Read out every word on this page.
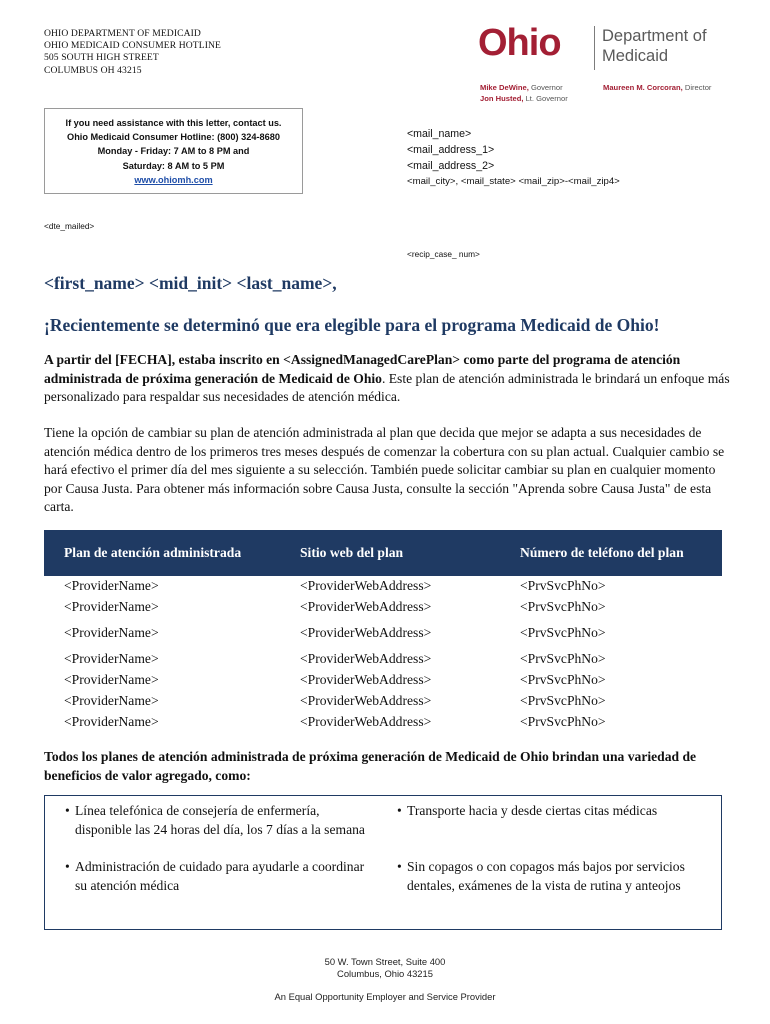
OHIO DEPARTMENT OF MEDICAID
OHIO MEDICAID CONSUMER HOTLINE
505 SOUTH HIGH STREET
COLUMBUS OH 43215
Ohio	Department of
Medicaid
Mike DeWine, Governor
Jon Husted, Lt. Governor
Maureen M. Corcoran, Director
If you need assistance with this letter, contact us.
Ohio Medicaid Consumer Hotline: (800) 324-8680
Monday - Friday: 7 AM to 8 PM and
Saturday: 8 AM to 5 PM
www.ohiomh.com
<mail_name>
<mail_address_1>
<mail_address_2>
<mail_city>, <mail_state> <mail_zip>-<mail_zip4>
<dte_mailed>
<recip_case_ num>
<first_name> <mid_init> <last_name>,
¡Recientemente se determinó que era elegible para el programa Medicaid de Ohio!
A partir del [FECHA], estaba inscrito en <AssignedManagedCarePlan> como parte del programa de atención administrada de próxima generación de Medicaid de Ohio. Este plan de atención administrada le brindará un enfoque más personalizado para respaldar sus necesidades de atención médica.
Tiene la opción de cambiar su plan de atención administrada al plan que decida que mejor se adapta a sus necesidades de atención médica dentro de los primeros tres meses después de comenzar la cobertura con su plan actual. Cualquier cambio se hará efectivo el primer día del mes siguiente a su selección. También puede solicitar cambiar su plan en cualquier momento por Causa Justa. Para obtener más información sobre Causa Justa, consulte la sección "Aprenda sobre Causa Justa" de esta carta.
Plan de atención administrada	Sitio web del plan	Número de teléfono del plan
<ProviderName>	<ProviderWebAddress>	<PrvSvcPhNo>
<ProviderName>	<ProviderWebAddress>	<PrvSvcPhNo>
<ProviderName>	<ProviderWebAddress>	<PrvSvcPhNo>
<ProviderName>	<ProviderWebAddress>	<PrvSvcPhNo>
<ProviderName>	<ProviderWebAddress>	<PrvSvcPhNo>
<ProviderName>	<ProviderWebAddress>	<PrvSvcPhNo>
<ProviderName>	<ProviderWebAddress>	<PrvSvcPhNo>
Todos los planes de atención administrada de próxima generación de Medicaid de Ohio brindan una variedad de beneficios de valor agregado, como:
• Línea telefónica de consejería de enfermería, disponible las 24 horas del día, los 7 días a la semana
• Administración de cuidado para ayudarle a coordinar su atención médica
• Transporte hacia y desde ciertas citas médicas
• Sin copagos o con copagos más bajos por servicios dentales, exámenes de la vista de rutina y anteojos
50 W. Town Street, Suite 400
Columbus, Ohio 43215
An Equal Opportunity Employer and Service Provider
